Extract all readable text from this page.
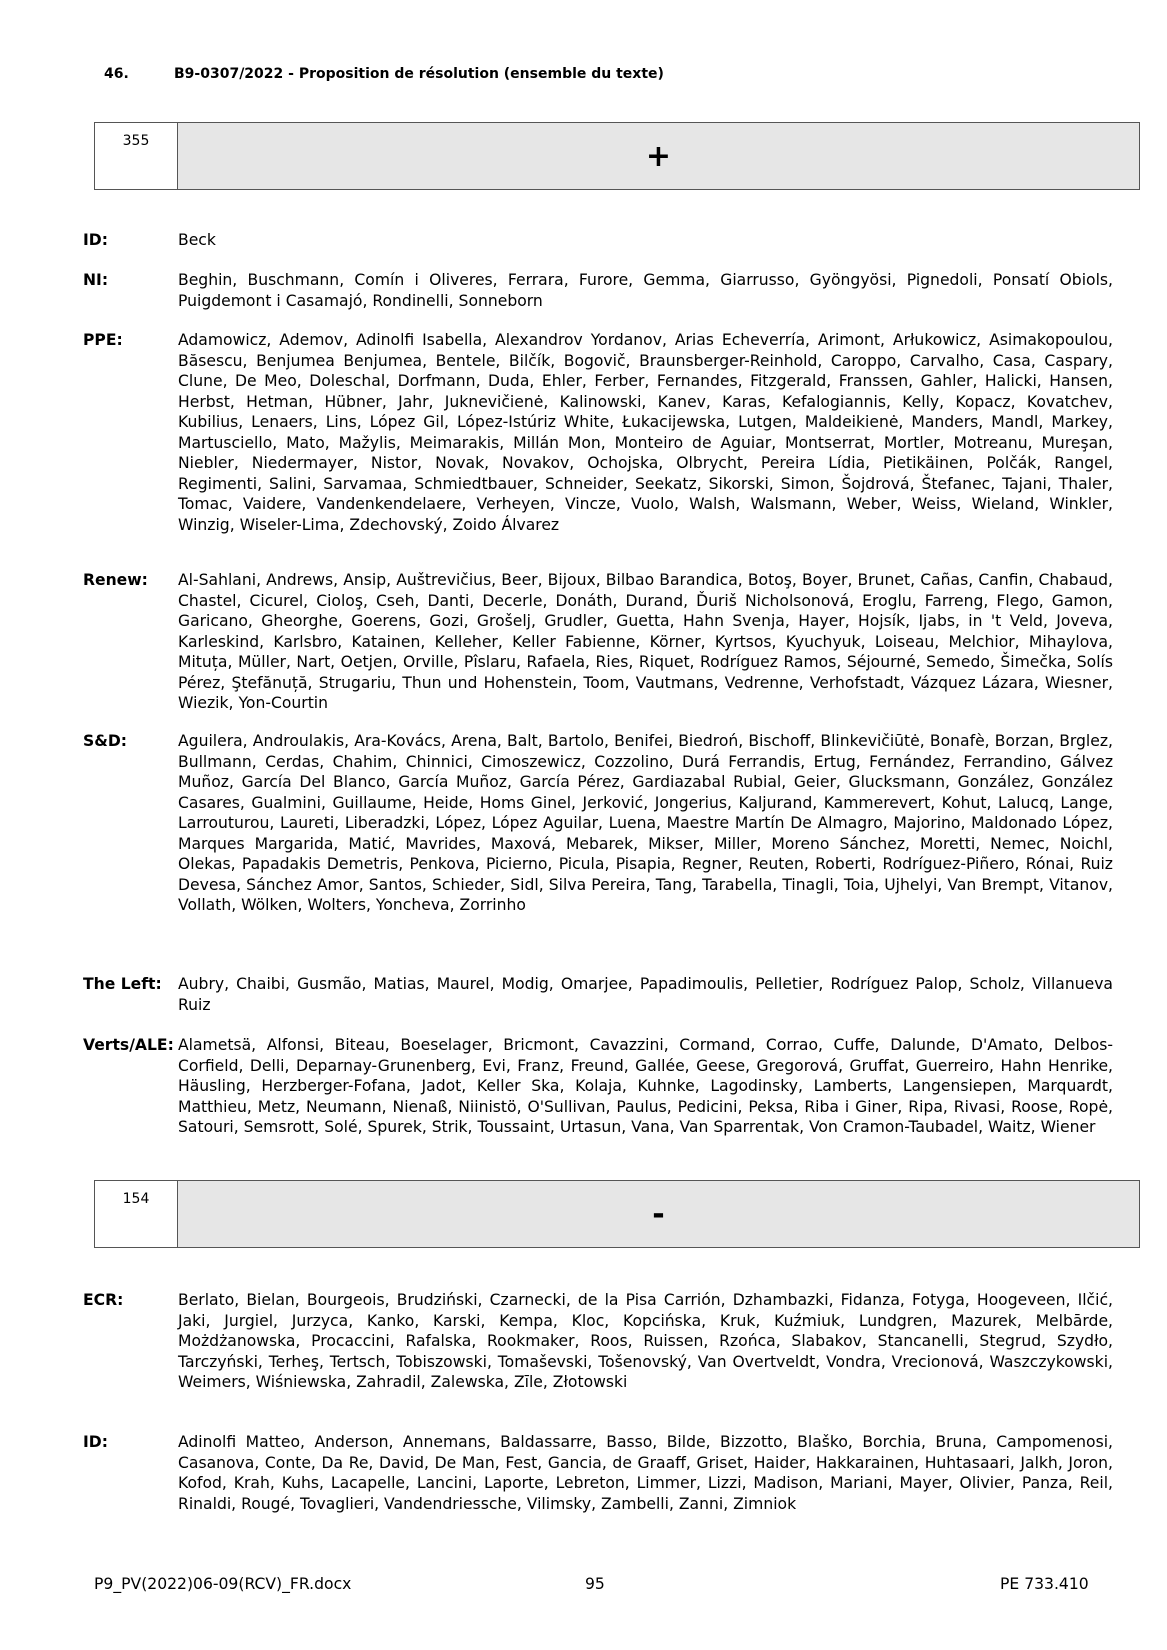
46.	B9-0307/2022 - Proposition de résolution (ensemble du texte)
355	+
ID:	Beck
NI:	Beghin, Buschmann, Comín i Oliveres, Ferrara, Furore, Gemma, Giarrusso, Gyöngyösi, Pignedoli, Ponsatí Obiols, Puigdemont i Casamajó, Rondinelli, Sonneborn
PPE:	Adamowicz, Ademov, Adinolfi Isabella, Alexandrov Yordanov, Arias Echeverría, Arimont, Arłukowicz, Asimakopoulou, Băsescu, Benjumea Benjumea, Bentele, Bilčík, Bogovič, Braunsberger-Reinhold, Caroppo, Carvalho, Casa, Caspary, Clune, De Meo, Doleschal, Dorfmann, Duda, Ehler, Ferber, Fernandes, Fitzgerald, Franssen, Gahler, Halicki, Hansen, Herbst, Hetman, Hübner, Jahr, Juknevičienė, Kalinowski, Kanev, Karas, Kefalogiannis, Kelly, Kopacz, Kovatchev, Kubilius, Lenaers, Lins, López Gil, López-Istúriz White, Łukacijewska, Lutgen, Maldeikienė, Manders, Mandl, Markey, Martusciello, Mato, Mažylis, Meimarakis, Millán Mon, Monteiro de Aguiar, Montserrat, Mortler, Motreanu, Mureşan, Niebler, Niedermayer, Nistor, Novak, Novakov, Ochojska, Olbrycht, Pereira Lídia, Pietikäinen, Polčák, Rangel, Regimenti, Salini, Sarvamaa, Schmiedtbauer, Schneider, Seekatz, Sikorski, Simon, Šojdrová, Štefanec, Tajani, Thaler, Tomac, Vaidere, Vandenkendelaere, Verheyen, Vincze, Vuolo, Walsh, Walsmann, Weber, Weiss, Wieland, Winkler, Winzig, Wiseler-Lima, Zdechovský, Zoido Álvarez
Renew: Al-Sahlani, Andrews, Ansip, Auštrevičius, Beer, Bijoux, Bilbao Barandica, Botoş, Boyer, Brunet, Cañas, Canfin, Chabaud, Chastel, Cicurel, Cioloş, Cseh, Danti, Decerle, Donáth, Durand, Ďuriš Nicholsonová, Eroglu, Farreng, Flego, Gamon, Garicano, Gheorghe, Goerens, Gozi, Grošelj, Grudler, Guetta, Hahn Svenja, Hayer, Hojsík, Ijabs, in 't Veld, Joveva, Karleskind, Karlsbro, Katainen, Kelleher, Keller Fabienne, Körner, Kyrtsos, Kyuchyuk, Loiseau, Melchior, Mihaylova, Mituța, Müller, Nart, Oetjen, Orville, Pîslaru, Rafaela, Ries, Riquet, Rodríguez Ramos, Séjourné, Semedo, Šimečka, Solís Pérez, Ştefănuță, Strugariu, Thun und Hohenstein, Toom, Vautmans, Vedrenne, Verhofstadt, Vázquez Lázara, Wiesner, Wiezik, Yon-Courtin
S&D:	Aguilera, Androulakis, Ara-Kovács, Arena, Balt, Bartolo, Benifei, Biedroń, Bischoff, Blinkevičiūtė, Bonafè, Borzan, Brglez, Bullmann, Cerdas, Chahim, Chinnici, Cimoszewicz, Cozzolino, Durá Ferrandis, Ertug, Fernández, Ferrandino, Gálvez Muñoz, García Del Blanco, García Muñoz, García Pérez, Gardiazabal Rubial, Geier, Glucksmann, González, González Casares, Gualmini, Guillaume, Heide, Homs Ginel, Jerković, Jongerius, Kaljurand, Kammerevert, Kohut, Lalucq, Lange, Larrouturou, Laureti, Liberadzki, López, López Aguilar, Luena, Maestre Martín De Almagro, Majorino, Maldonado López, Marques Margarida, Matić, Mavrides, Maxová, Mebarek, Mikser, Miller, Moreno Sánchez, Moretti, Nemec, Noichl, Olekas, Papadakis Demetris, Penkova, Picierno, Picula, Pisapia, Regner, Reuten, Roberti, Rodríguez-Piñero, Rónai, Ruiz Devesa, Sánchez Amor, Santos, Schieder, Sidl, Silva Pereira, Tang, Tarabella, Tinagli, Toia, Ujhelyi, Van Brempt, Vitanov, Vollath, Wölken, Wolters, Yoncheva, Zorrinho
The Left: Aubry, Chaibi, Gusmão, Matias, Maurel, Modig, Omarjee, Papadimoulis, Pelletier, Rodríguez Palop, Scholz, Villanueva Ruiz
Verts/ALE: Alametsä, Alfonsi, Biteau, Boeselager, Bricmont, Cavazzini, Cormand, Corrao, Cuffe, Dalunde, D'Amato, Delbos-Corfield, Delli, Deparnay-Grunenberg, Evi, Franz, Freund, Gallée, Geese, Gregorová, Gruffat, Guerreiro, Hahn Henrike, Häusling, Herzberger-Fofana, Jadot, Keller Ska, Kolaja, Kuhnke, Lagodinsky, Lamberts, Langensiepen, Marquardt, Matthieu, Metz, Neumann, Nienaß, Niinistö, O'Sullivan, Paulus, Pedicini, Peksa, Riba i Giner, Ripa, Rivasi, Roose, Ropė, Satouri, Semsrott, Solé, Spurek, Strik, Toussaint, Urtasun, Vana, Van Sparrentak, Von Cramon-Taubadel, Waitz, Wiener
154	-
ECR:	Berlato, Bielan, Bourgeois, Brudziński, Czarnecki, de la Pisa Carrión, Dzhambazki, Fidanza, Fotyga, Hoogeveen, Ilčić, Jaki, Jurgiel, Jurzyca, Kanko, Karski, Kempa, Kloc, Kopcińska, Kruk, Kuźmiuk, Lundgren, Mazurek, Melbārde, Możdżanowska, Procaccini, Rafalska, Rookmaker, Roos, Ruissen, Rzońca, Slabakov, Stancanelli, Stegrud, Szydło, Tarczyński, Terheş, Tertsch, Tobiszowski, Tomaševski, Tošenovský, Van Overtveldt, Vondra, Vrecionová, Waszczykowski, Weimers, Wiśniewska, Zahradil, Zalewska, Zīle, Złotowski
ID:	Adinolfi Matteo, Anderson, Annemans, Baldassarre, Basso, Bilde, Bizzotto, Blaško, Borchia, Bruna, Campomenosi, Casanova, Conte, Da Re, David, De Man, Fest, Gancia, de Graaff, Griset, Haider, Hakkarainen, Huhtasaari, Jalkh, Joron, Kofod, Krah, Kuhs, Lacapelle, Lancini, Laporte, Lebreton, Limmer, Lizzi, Madison, Mariani, Mayer, Olivier, Panza, Reil, Rinaldi, Rougé, Tovaglieri, Vandendriessche, Vilimsky, Zambelli, Zanni, Zimniok
P9_PV(2022)06-09(RCV)_FR.docx	95	PE 733.410
